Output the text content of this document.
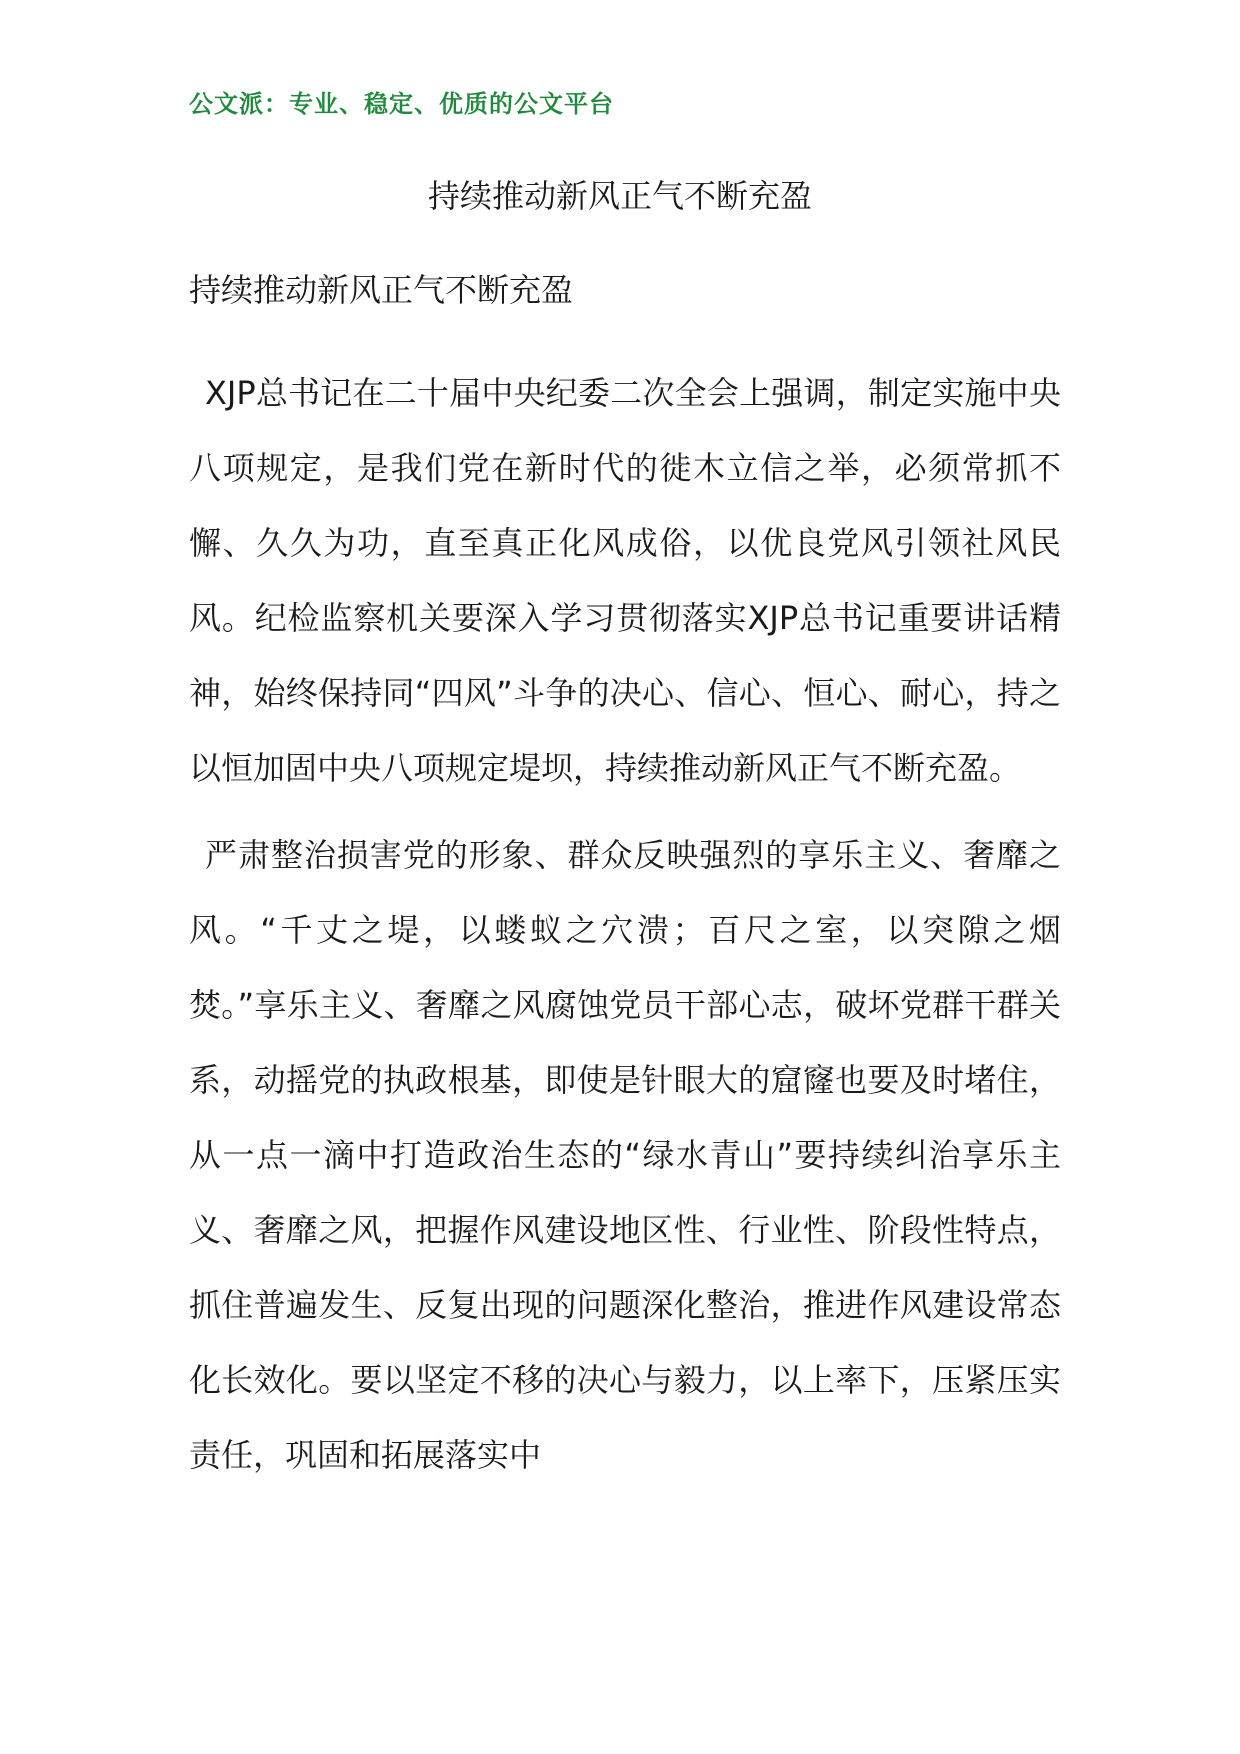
公文派：专业、稳定、优质的公文平台
持续推动新风正气不断充盈
持续推动新风正气不断充盈

XJP总书记在二十届中央纪委二次全会上强调，制定实施中央八项规定，是我们党在新时代的徙木立信之举，必须常抓不懈、久久为功，直至真正化风成俗，以优良党风引领社风民风。纪检监察机关要深入学习贯彻落实XJP总书记重要讲话精神，始终保持同“四风”斗争的决心、信心、恒心、耐心，持之以恒加固中央八项规定堤坝，持续推动新风正气不断充盈。

严肃整治损害党的形象、群众反映强烈的享乐主义、奢靡之风。“千丈之堤，以蝼蚁之穴溃；百尺之室，以突隙之烟焚。”享乐主义、奢靡之风腐蚀党员干部心志，破坏党群干群关系，动摇党的执政根基，即使是针眼大的窟窿也要及时堵住，从一点一滴中打造政治生态的“绿水青山”要持续纠治享乐主义、奢靡之风，把握作风建设地区性、行业性、阶段性特点，抓住普遍发生、反复出现的问题深化整治，推进作风建设常态化长效化。要以坚定不移的决心与毅力，以上率下，压紧压实责任，巩固和拓展落实中
